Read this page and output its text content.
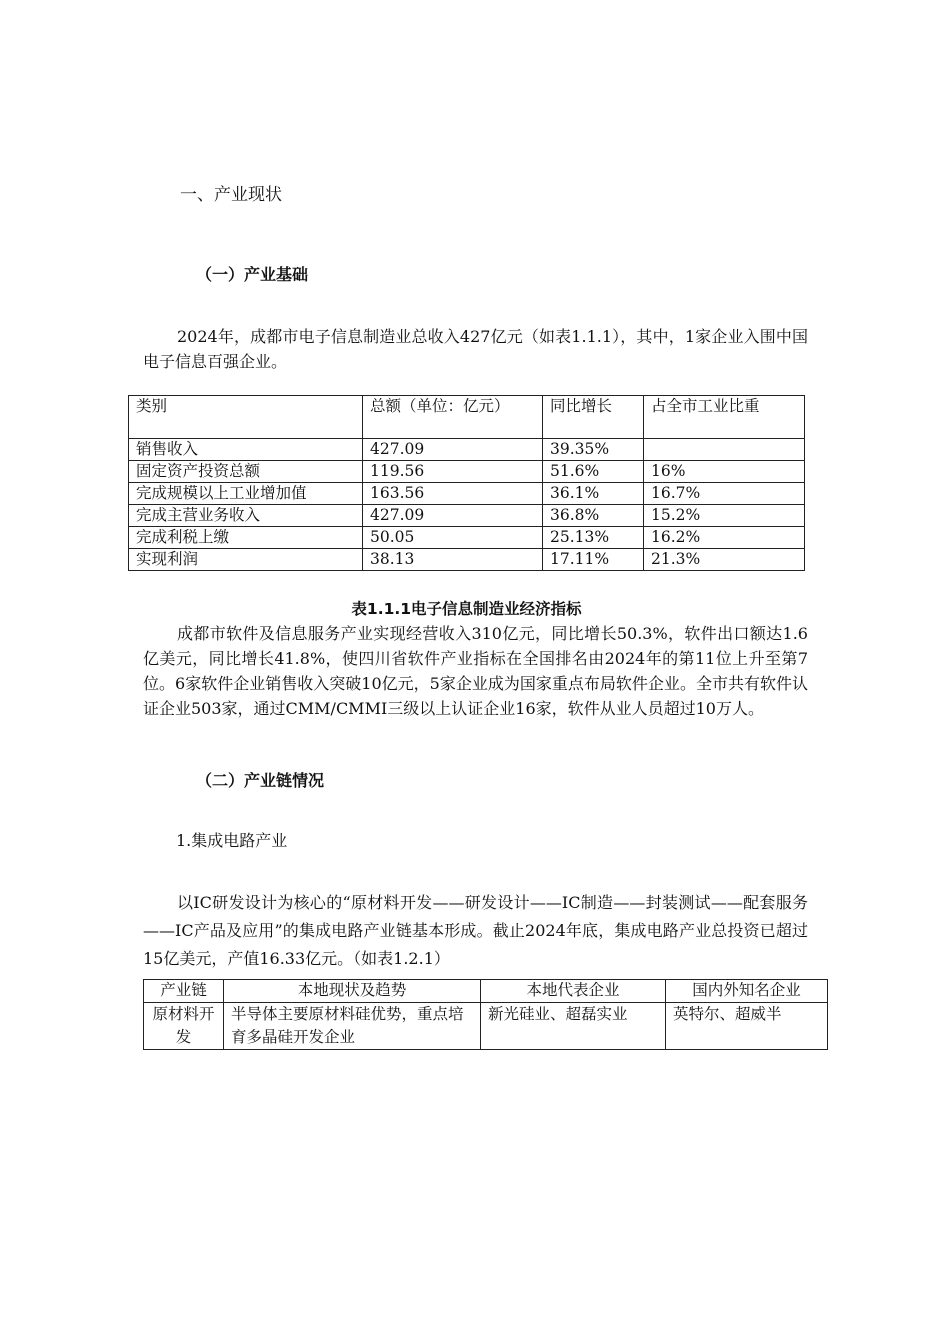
一、产业现状
（一）产业基础
2024年，成都市电子信息制造业总收入427亿元（如表1.1.1），其中，1家企业入围中国电子信息百强企业。
类别	总额（单位：亿元）	同比增长	占全市工业比重
销售收入	427.09	39.35%	
固定资产投资总额	119.56	51.6%	16%
完成规模以上工业增加值	163.56	36.1%	16.7%
完成主营业务收入	427.09	36.8%	15.2%
完成利税上缴	50.05	25.13%	16.2%
实现利润	38.13	17.11%	21.3%
表1.1.1电子信息制造业经济指标
成都市软件及信息服务产业实现经营收入310亿元，同比增长50.3%，软件出口额达1.6亿美元，同比增长41.8%，使四川省软件产业指标在全国排名由2024年的第11位上升至第7位。6家软件企业销售收入突破10亿元，5家企业成为国家重点布局软件企业。全市共有软件认证企业503家，通过CMM/CMMI三级以上认证企业16家，软件从业人员超过10万人。
（二）产业链情况
1.集成电路产业
以IC研发设计为核心的“原材料开发——研发设计——IC制造——封装测试——配套服务——IC产品及应用”的集成电路产业链基本形成。截止2024年底，集成电路产业总投资已超过15亿美元，产值16.33亿元。（如表1.2.1）
产业链	本地现状及趋势	本地代表企业	国内外知名企业
原材料开发	半导体主要原材料硅优势，重点培育多晶硅开发企业	新光硅业、超磊实业	英特尔、超威半
